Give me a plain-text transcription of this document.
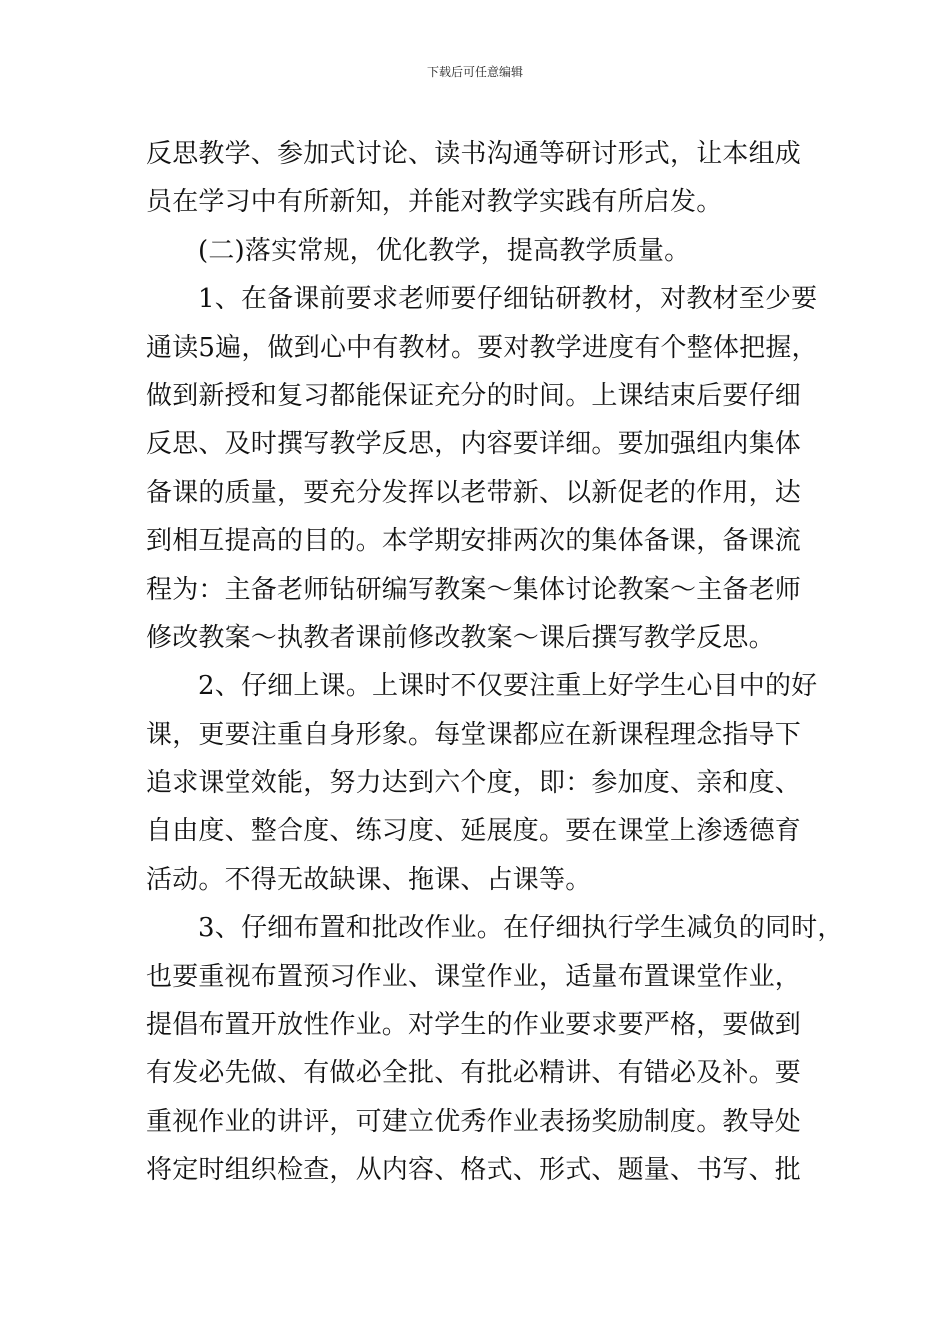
下载后可任意编辑
反思教学、参加式讨论、读书沟通等研讨形式，让本组成
员在学习中有所新知，并能对教学实践有所启发。
(二)落实常规，优化教学，提高教学质量。
1、在备课前要求老师要仔细钻研教材，对教材至少要
通读5遍，做到心中有教材。要对教学进度有个整体把握，
做到新授和复习都能保证充分的时间。上课结束后要仔细
反思、及时撰写教学反思，内容要详细。要加强组内集体
备课的质量，要充分发挥以老带新、以新促老的作用，达
到相互提高的目的。本学期安排两次的集体备课，备课流
程为：主备老师钻研编写教案～集体讨论教案～主备老师
修改教案～执教者课前修改教案～课后撰写教学反思。
2、仔细上课。上课时不仅要注重上好学生心目中的好
课，更要注重自身形象。每堂课都应在新课程理念指导下
追求课堂效能，努力达到六个度，即：参加度、亲和度、
自由度、整合度、练习度、延展度。要在课堂上渗透德育
活动。不得无故缺课、拖课、占课等。
3、仔细布置和批改作业。在仔细执行学生减负的同时，
也要重视布置预习作业、课堂作业，适量布置课堂作业，
提倡布置开放性作业。对学生的作业要求要严格，要做到
有发必先做、有做必全批、有批必精讲、有错必及补。要
重视作业的讲评，可建立优秀作业表扬奖励制度。教导处
将定时组织检查，从内容、格式、形式、题量、书写、批
